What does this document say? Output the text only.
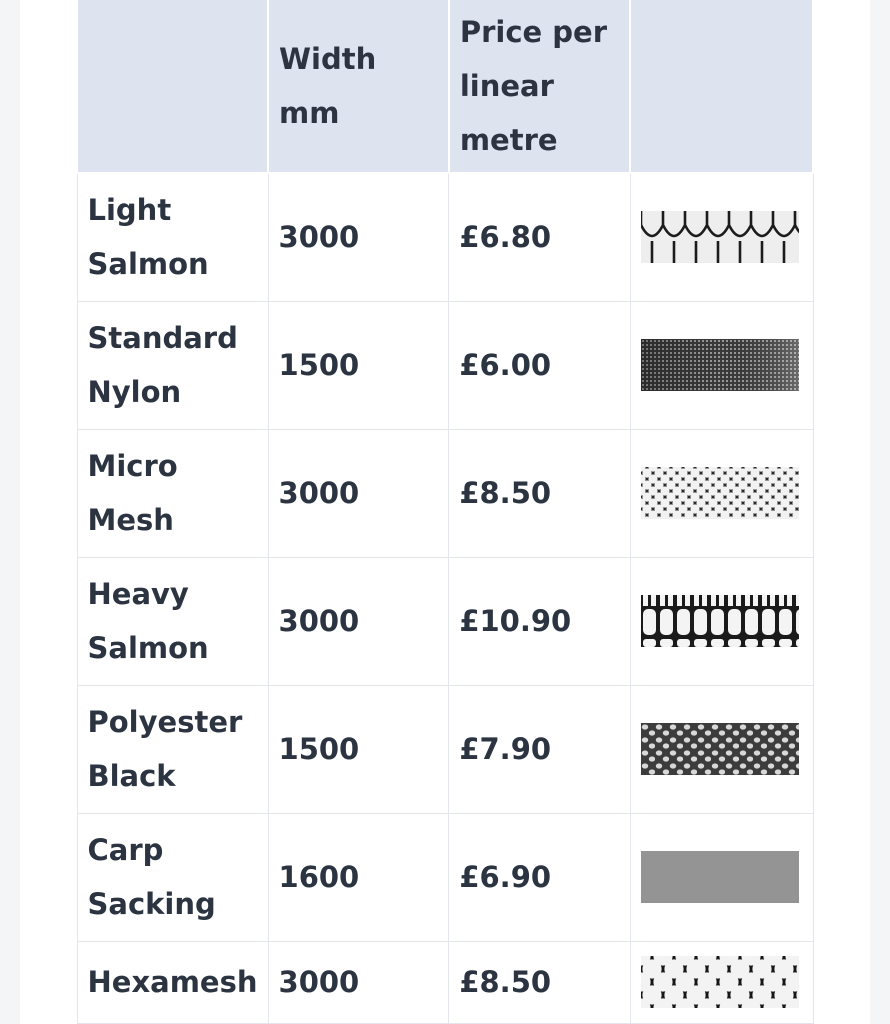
	Width mm	Price per linear metre	
Light Salmon	3000	£6.80	

Standard Nylon	1500	£6.00	

Micro Mesh	3000	£8.50	

Heavy Salmon	3000	£10.90	

Polyester Black	1500	£7.90	

Carp Sacking	1600	£6.90	

Hexamesh	3000	£8.50	
